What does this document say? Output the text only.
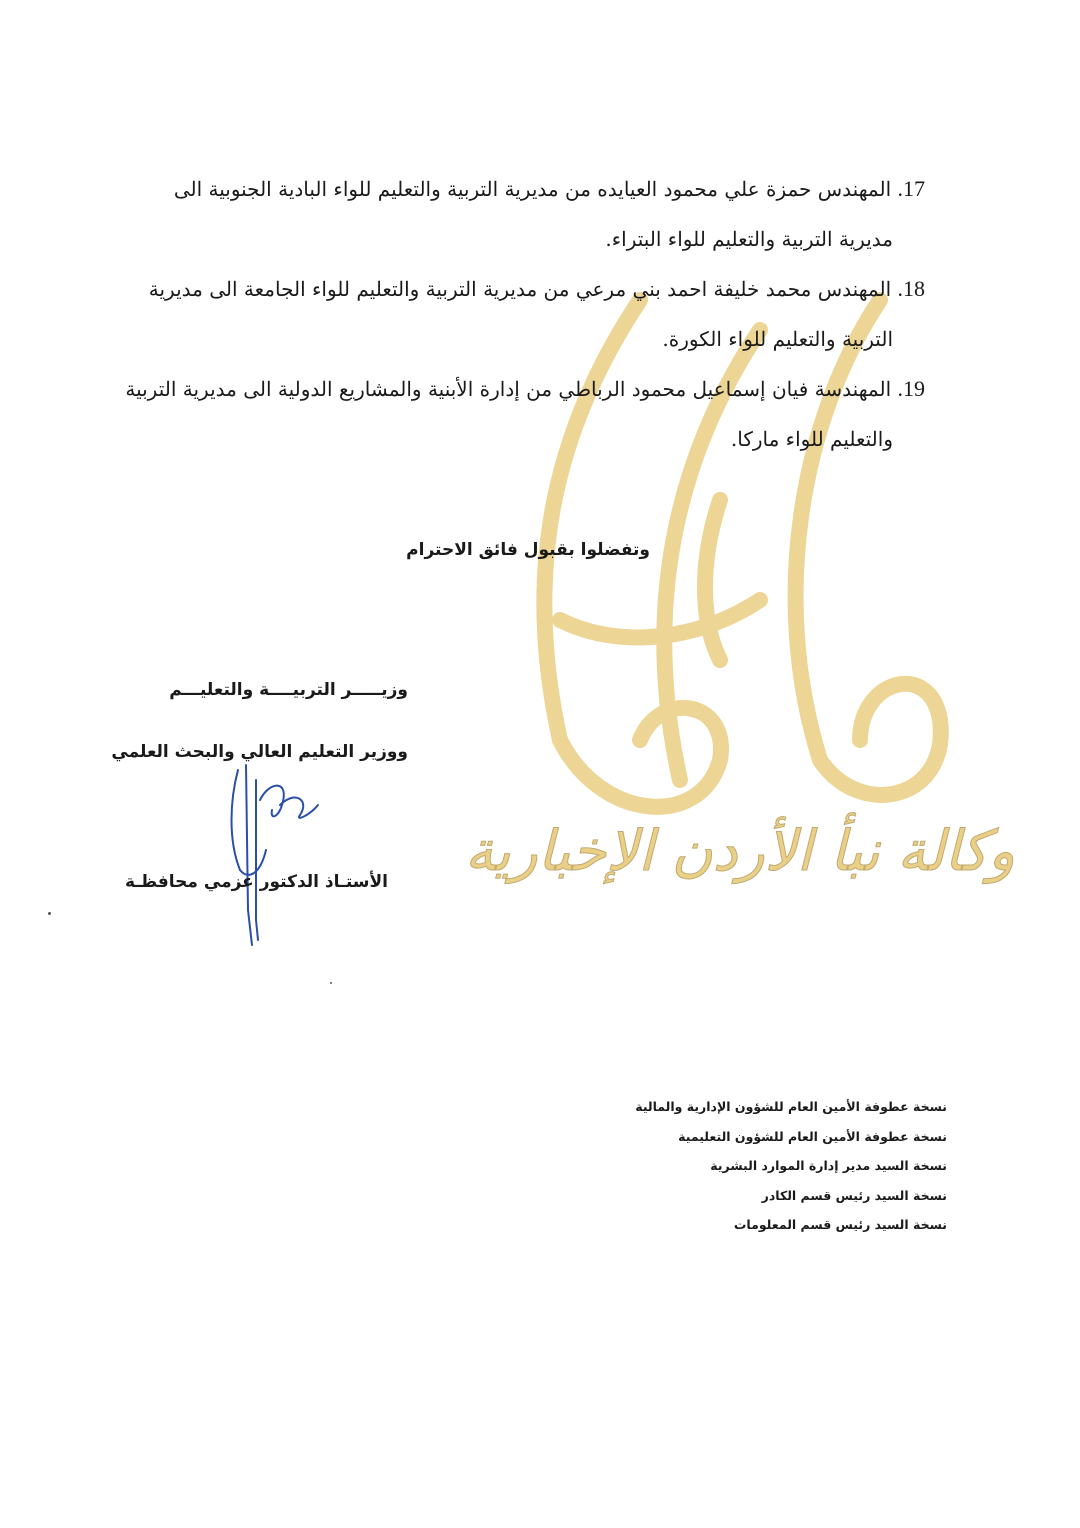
وكالة نبأ الأردن الإخبارية
17. المهندس حمزة علي محمود العيايده من مديرية التربية والتعليم للواء البادية الجنوبية الى
مديرية التربية والتعليم للواء البتراء.
18. المهندس محمد خليفة احمد بني مرعي من مديرية التربية والتعليم للواء الجامعة الى مديرية
التربية والتعليم للواء الكورة.
19. المهندسة فيان إسماعيل محمود الرباطي من إدارة الأبنية والمشاريع الدولية الى مديرية التربية
والتعليم للواء ماركا.
وتفضلوا بقبول فائق الاحترام
وزيـــــر التربيــــة والتعليـــم
ووزير التعليم العالي والبحث العلمي
الأستـاذ الدكتور عزمي محافظـة
نسخة عطوفة الأمين العام للشؤون الإدارية والمالية
نسخة عطوفة الأمين العام للشؤون التعليمية
نسخة السيد مدير إدارة الموارد البشرية
نسخة السيد رئيس قسم الكادر
نسخة السيد رئيس قسم المعلومات
